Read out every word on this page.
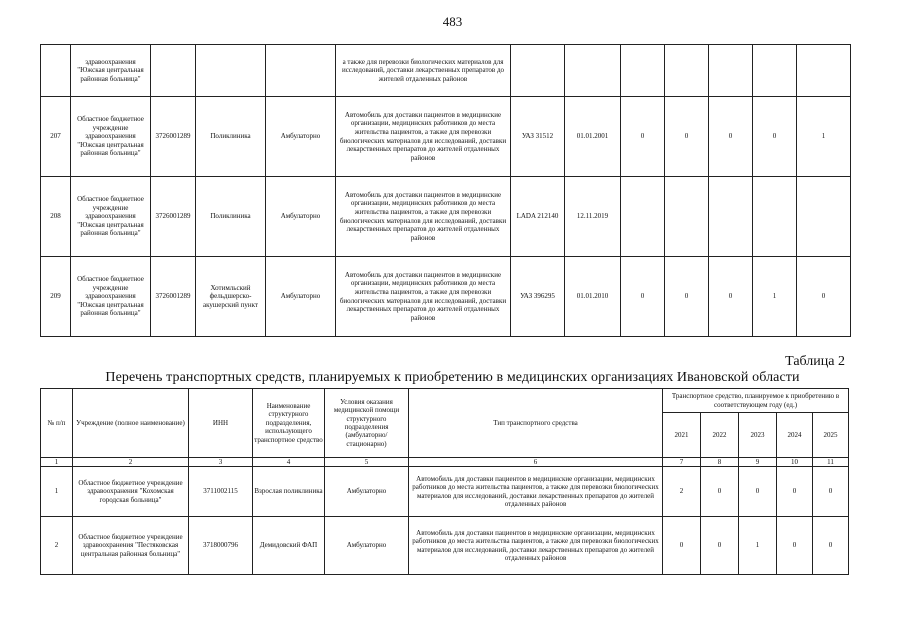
483
	здравоохранения "Южская центральная районная больница"				а также для перевозки биологических материалов для исследований, доставки лекарственных препаратов до жителей отдаленных районов							
207	Областное бюджетное учреждение здравоохранения "Южская центральная районная больница"	3726001289	Поликлиника	Амбулаторно	Автомобиль для доставки пациентов в медицинские организации, медицинских работников до места жительства пациентов, а также для перевозки биологических материалов для исследований, доставки лекарственных препаратов до жителей отдаленных районов	УАЗ 31512	01.01.2001	0	0	0	0	1
208	Областное бюджетное учреждение здравоохранения "Южская центральная районная больница"	3726001289	Поликлиника	Амбулаторно	Автомобиль для доставки пациентов в медицинские организации, медицинских работников до места жительства пациентов, а также для перевозки биологических материалов для исследований, доставки лекарственных препаратов до жителей отдаленных районов	LADA 212140	12.11.2019					
209	Областное бюджетное учреждение здравоохранения "Южская центральная районная больница"	3726001289	Хотимльский фельдшерско-акушерский пункт	Амбулаторно	Автомобиль для доставки пациентов в медицинские организации, медицинских работников до места жительства пациентов, а также для перевозки биологических материалов для исследований, доставки лекарственных препаратов до жителей отдаленных районов	УАЗ 396295	01.01.2010	0	0	0	1	0
Таблица 2
Перечень транспортных средств, планируемых к приобретению в медицинских организациях Ивановской области
№ п/п	Учреждение (полное наименование)	ИНН	Наименование структурного подразделения, использующего транспортное средство	Условия оказания медицинской помощи структурного подразделения (амбулаторно/ стационарно)	Тип транспортного средства	Транспортное средство, планируемое к приобретению в соответствующем году (ед.)				
						2021	2022	2023	2024	2025
1	2	3	4	5	6	7	8	9	10	11
1	Областное бюджетное учреждение здравоохранения "Кохомская городская больница"	3711002115	Взрослая поликлиника	Амбулаторно	Автомобиль для доставки пациентов в медицинские организации, медицинских работников до места жительства пациентов, а также для перевозки биологических материалов для исследований, доставки лекарственных препаратов до жителей отдаленных районов	2	0	0	0	0
2	Областное бюджетное учреждение здравоохранения "Пестяковская центральная районная больница"	3718000796	Демидовский ФАП	Амбулаторно	Автомобиль для доставки пациентов в медицинские организации, медицинских работников до места жительства пациентов, а также для перевозки биологических материалов для исследований, доставки лекарственных препаратов до жителей отдаленных районов	0	0	1	0	0
